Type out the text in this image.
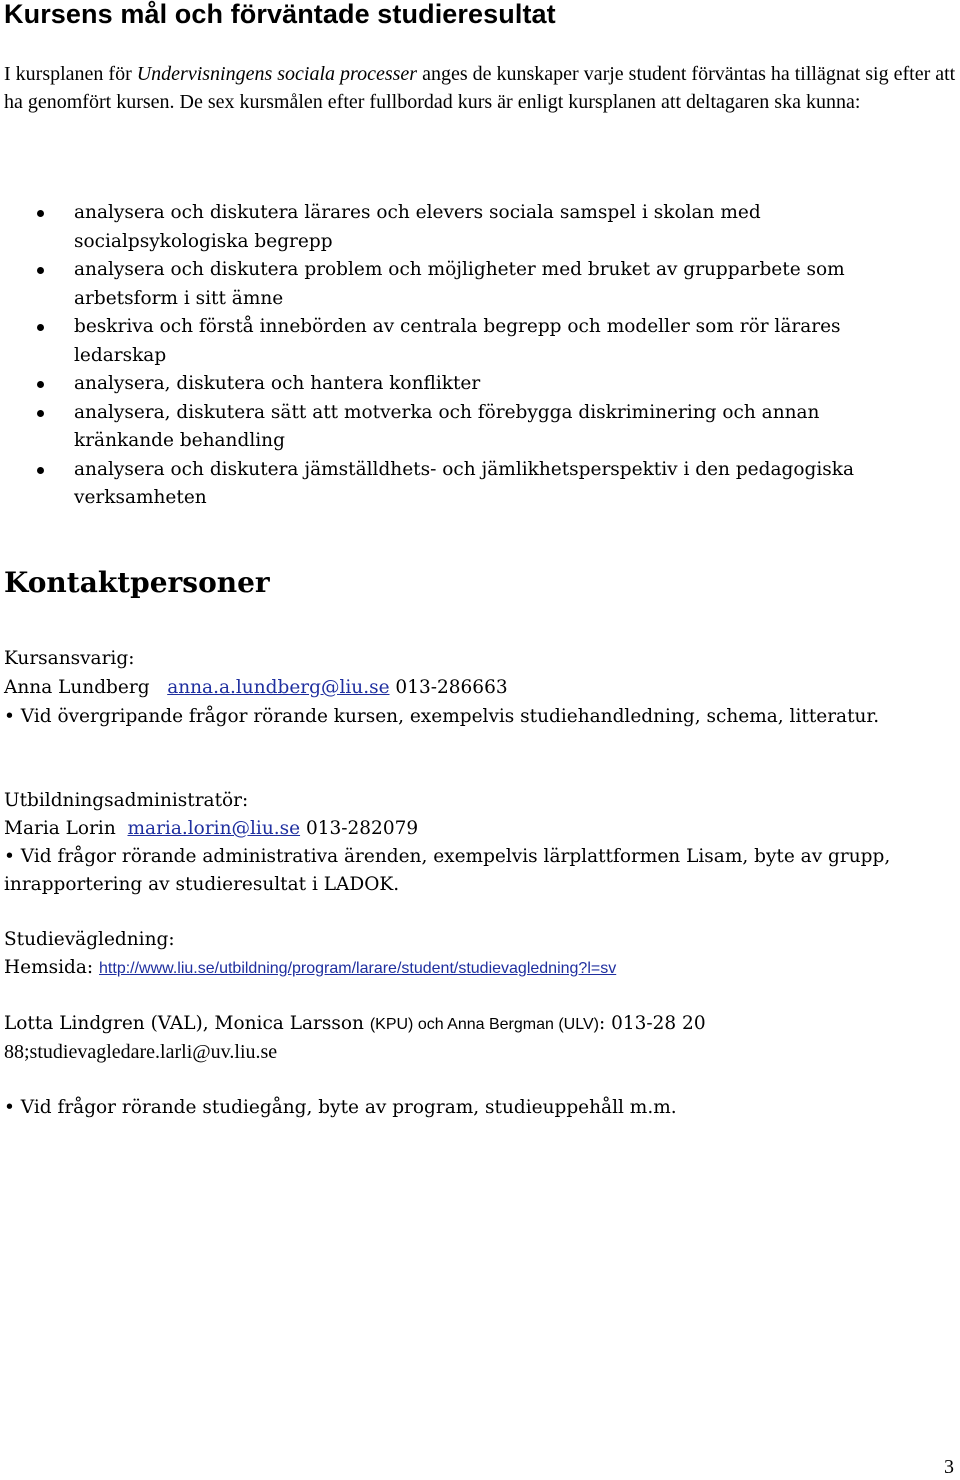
Kursens mål och förväntade studieresultat
I kursplanen för Undervisningens sociala processer anges de kunskaper varje student förväntas ha tillägnat sig efter att ha genomfört kursen. De sex kursmålen efter fullbordad kurs är enligt kursplanen att deltagaren ska kunna:
analysera och diskutera lärares och elevers sociala samspel i skolan med socialpsykologiska begrepp
analysera och diskutera problem och möjligheter med bruket av grupparbete som arbetsform i sitt ämne
beskriva och förstå innebörden av centrala begrepp och modeller som rör lärares ledarskap
analysera, diskutera och hantera konflikter
analysera, diskutera sätt att motverka och förebygga diskriminering och annan kränkande behandling
analysera och diskutera jämställdhets- och jämlikhetsperspektiv i den pedagogiska verksamheten
Kontaktpersoner
Kursansvarig:
Anna Lundberg anna.a.lundberg@liu.se 013-286663
• Vid övergripande frågor rörande kursen, exempelvis studiehandledning, schema, litteratur.
Utbildningsadministratör:
Maria Lorin maria.lorin@liu.se 013-282079
• Vid frågor rörande administrativa ärenden, exempelvis lärplattformen Lisam, byte av grupp, inrapportering av studieresultat i LADOK.
Studievägledning:
Hemsida: http://www.liu.se/utbildning/program/larare/student/studievagledning?l=sv
Lotta Lindgren (VAL), Monica Larsson (KPU) och Anna Bergman (ULV): 013-28 20
88;studievagledare.larli@uv.liu.se
• Vid frågor rörande studiegång, byte av program, studieuppehåll m.m.
3
